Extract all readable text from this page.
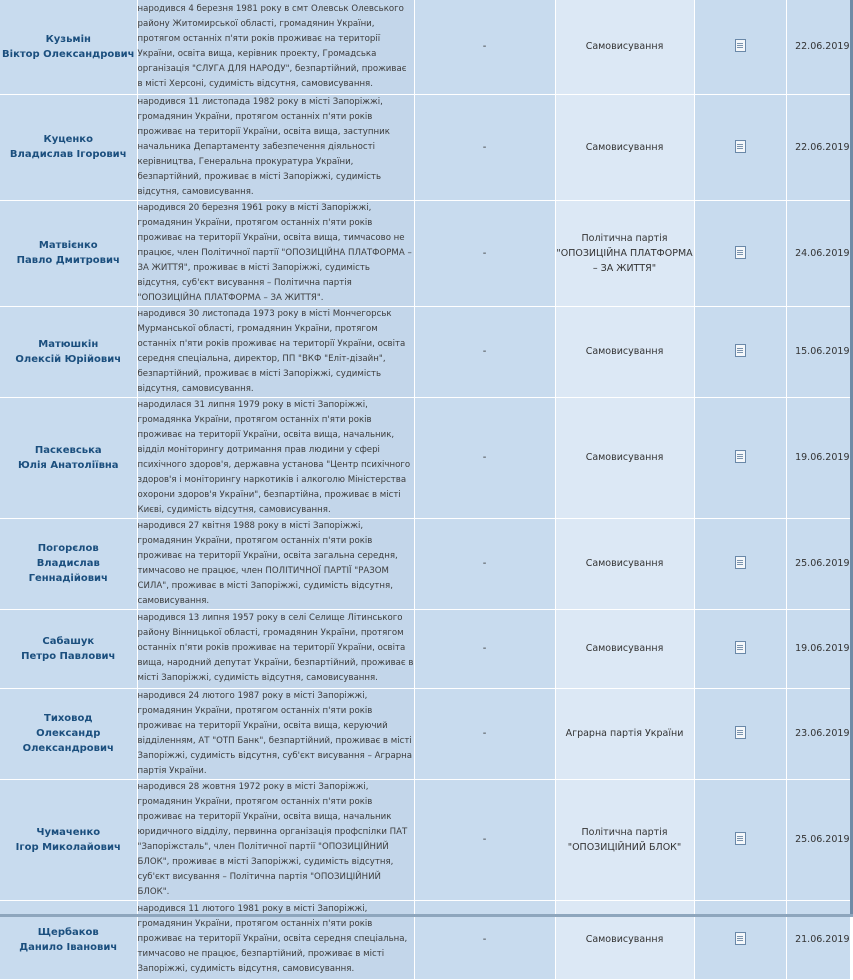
Кузьмін
Віктор Олександрович	народився 4 березня 1981 року в смт Олевськ Олевського району Житомирської області, громадянин України, протягом останніх п'яти років проживає на території України, освіта вища, керівник проекту, Громадська організація "СЛУГА ДЛЯ НАРОДУ", безпартійний, проживає в місті Херсоні, судимість відсутня, самовисування.	-	Самовисування		22.06.2019

Куценко
Владислав Ігорович	народився 11 листопада 1982 року в місті Запоріжжі, громадянин України, протягом останніх п'яти років проживає на території України, освіта вища, заступник начальника Департаменту забезпечення діяльності керівництва, Генеральна прокуратура України, безпартійний, проживає в місті Запоріжжі, судимість відсутня, самовисування.	-	Самовисування		22.06.2019

Матвієнко
Павло Дмитрович	народився 20 березня 1961 року в місті Запоріжжі, громадянин України, протягом останніх п'яти років проживає на території України, освіта вища, тимчасово не працює, член Політичної партії "ОПОЗИЦІЙНА ПЛАТФОРМА – ЗА ЖИТТЯ", проживає в місті Запоріжжі, судимість відсутня, суб'єкт висування – Політична партія "ОПОЗИЦІЙНА ПЛАТФОРМА – ЗА ЖИТТЯ".	-	Політична партія "ОПОЗИЦІЙНА ПЛАТФОРМА – ЗА ЖИТТЯ"		24.06.2019

Матюшкін
Олексій Юрійович	народився 30 листопада 1973 року в місті Мончегорськ Мурманської області, громадянин України, протягом останніх п'яти років проживає на території України, освіта середня спеціальна, директор, ПП "ВКФ "Еліт-дізайн", безпартійний, проживає в місті Запоріжжі, судимість відсутня, самовисування.	-	Самовисування		15.06.2019

Паскевська
Юлія Анатоліївна	народилася 31 липня 1979 року в місті Запоріжжі, громадянка України, протягом останніх п'яти років проживає на території України, освіта вища, начальник, відділ моніторингу дотримання прав людини у сфері психічного здоров'я, державна установа "Центр психічного здоров'я і моніторингу наркотиків і алкоголю Міністерства охорони здоров'я України", безпартійна, проживає в місті Києві, судимість відсутня, самовисування.	-	Самовисування		19.06.2019

Погорєлов
Владислав Геннадійович	народився 27 квітня 1988 року в місті Запоріжжі, громадянин України, протягом останніх п'яти років проживає на території України, освіта загальна середня, тимчасово не працює, член ПОЛІТИЧНОЇ ПАРТІЇ "РАЗОМ СИЛА", проживає в місті Запоріжжі, судимість відсутня, самовисування.	-	Самовисування		25.06.2019

Сабашук
Петро Павлович	народився 13 липня 1957 року в селі Селище Літинського району Вінницької області, громадянин України, протягом останніх п'яти років проживає на території України, освіта вища, народний депутат України, безпартійний, проживає в місті Запоріжжі, судимість відсутня, самовисування.	-	Самовисування		19.06.2019

Тиховод
Олександр Олександрович	народився 24 лютого 1987 року в місті Запоріжжі, громадянин України, протягом останніх п'яти років проживає на території України, освіта вища, керуючий відділенням, АТ "ОТП Банк", безпартійний, проживає в місті Запоріжжі, судимість відсутня, суб'єкт висування – Аграрна партія України.	-	Аграрна партія України		23.06.2019

Чумаченко
Ігор Миколайович	народився 28 жовтня 1972 року в місті Запоріжжі, громадянин України, протягом останніх п'яти років проживає на території України, освіта вища, начальник юридичного відділу, первинна організація профспілки ПАТ "Запоріжсталь", член Політичної партії "ОПОЗИЦІЙНИЙ БЛОК", проживає в місті Запоріжжі, судимість відсутня, суб'єкт висування – Політична партія "ОПОЗИЦІЙНИЙ БЛОК".	-	Політична партія "ОПОЗИЦІЙНИЙ БЛОК"		25.06.2019

Щербаков
Данило Іванович	народився 11 лютого 1981 року в місті Запоріжжі, громадянин України, протягом останніх п'яти років проживає на території України, освіта середня спеціальна, тимчасово не працює, безпартійний, проживає в місті Запоріжжі, судимість відсутня, самовисування.	-	Самовисування		21.06.2019
